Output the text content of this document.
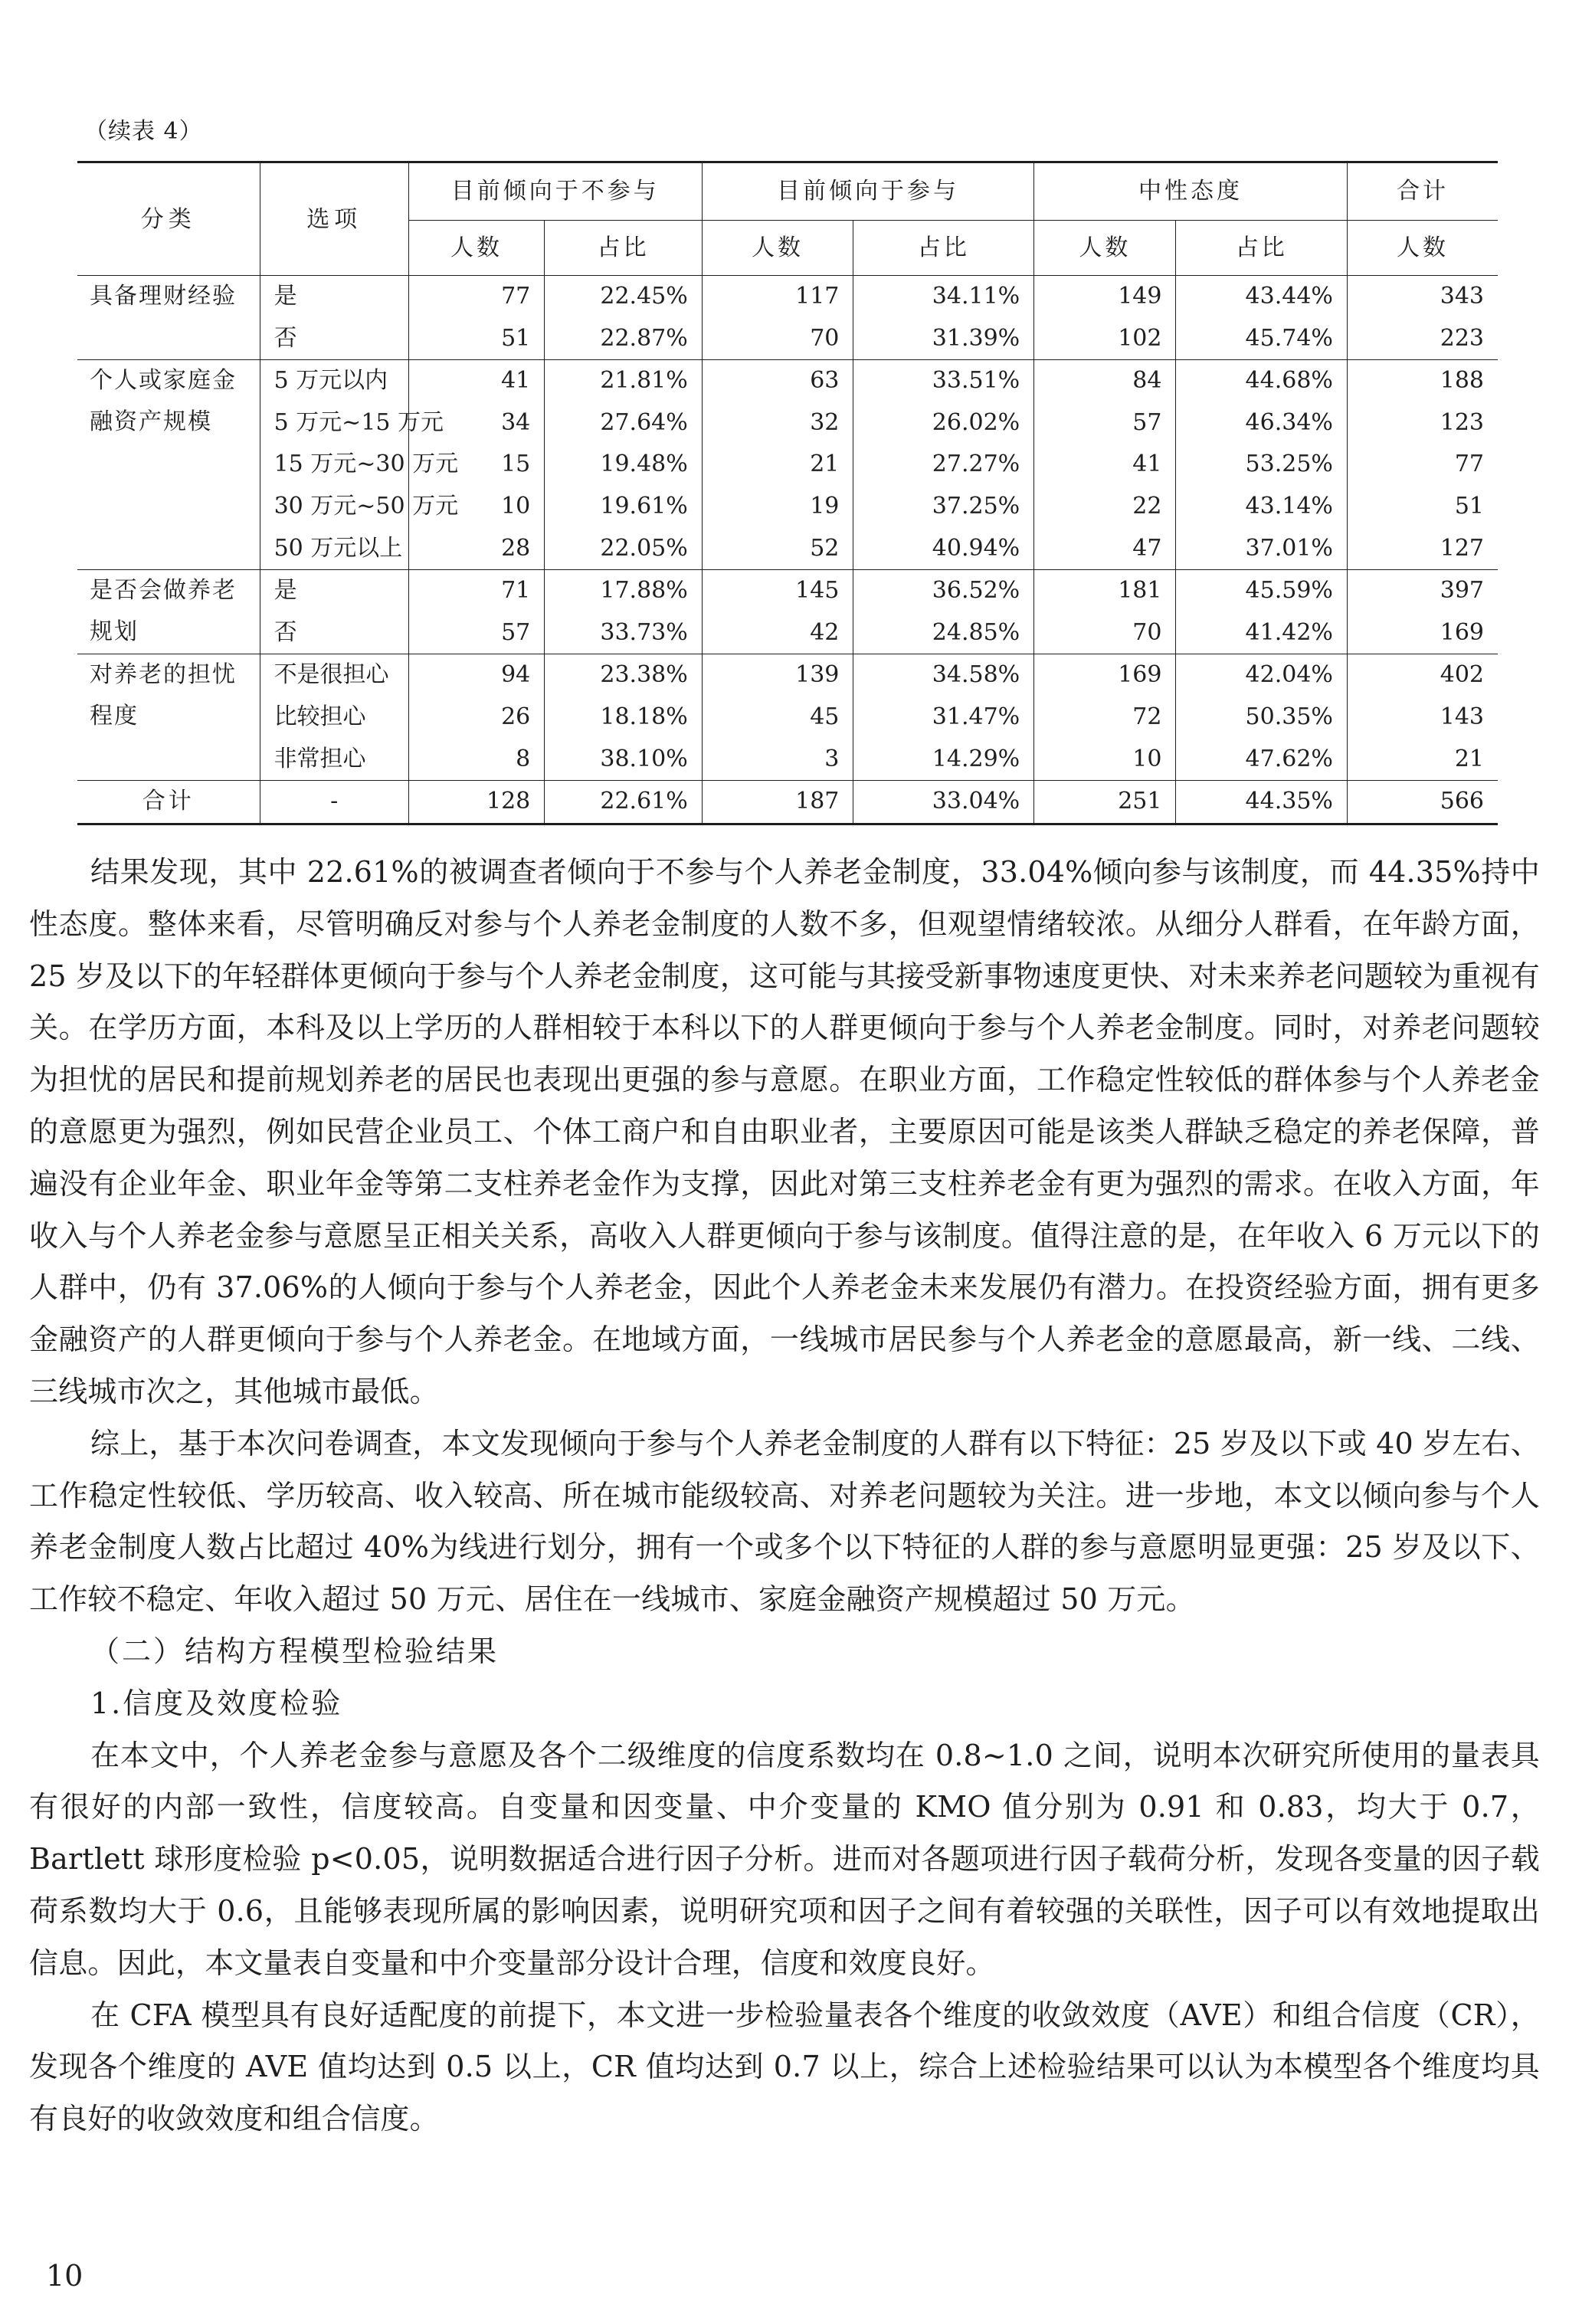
（续表 4）
分类	选项	目前倾向于不参与		目前倾向于参与		中性态度		合计
		人数	占比	人数	占比	人数	占比	人数
具备理财经验	是	77	22.45%	117	34.11%	149	43.44%	343
	否	51	22.87%	70	31.39%	102	45.74%	223
个人或家庭金融资产规模	5 万元以内	41	21.81%	63	33.51%	84	44.68%	188
	5 万元~15 万元	34	27.64%	32	26.02%	57	46.34%	123
	15 万元~30 万元	15	19.48%	21	27.27%	41	53.25%	77
	30 万元~50 万元	10	19.61%	19	37.25%	22	43.14%	51
	50 万元以上	28	22.05%	52	40.94%	47	37.01%	127
是否会做养老规划	是	71	17.88%	145	36.52%	181	45.59%	397
	否	57	33.73%	42	24.85%	70	41.42%	169
对养老的担忧程度	不是很担心	94	23.38%	139	34.58%	169	42.04%	402
	比较担心	26	18.18%	45	31.47%	72	50.35%	143
	非常担心	8	38.10%	3	14.29%	10	47.62%	21
合计	-	128	22.61%	187	33.04%	251	44.35%	566

结果发现，其中 22.61%的被调查者倾向于不参与个人养老金制度，33.04%倾向参与该制度，而 44.35%持中性态度。整体来看，尽管明确反对参与个人养老金制度的人数不多，但观望情绪较浓。从细分人群看，在年龄方面，25 岁及以下的年轻群体更倾向于参与个人养老金制度，这可能与其接受新事物速度更快、对未来养老问题较为重视有关。在学历方面，本科及以上学历的人群相较于本科以下的人群更倾向于参与个人养老金制度。同时，对养老问题较为担忧的居民和提前规划养老的居民也表现出更强的参与意愿。在职业方面，工作稳定性较低的群体参与个人养老金的意愿更为强烈，例如民营企业员工、个体工商户和自由职业者，主要原因可能是该类人群缺乏稳定的养老保障，普遍没有企业年金、职业年金等第二支柱养老金作为支撑，因此对第三支柱养老金有更为强烈的需求。在收入方面，年收入与个人养老金参与意愿呈正相关关系，高收入人群更倾向于参与该制度。值得注意的是，在年收入 6 万元以下的人群中，仍有 37.06%的人倾向于参与个人养老金，因此个人养老金未来发展仍有潜力。在投资经验方面，拥有更多金融资产的人群更倾向于参与个人养老金。在地域方面，一线城市居民参与个人养老金的意愿最高，新一线、二线、三线城市次之，其他城市最低。

综上，基于本次问卷调查，本文发现倾向于参与个人养老金制度的人群有以下特征：25 岁及以下或 40 岁左右、工作稳定性较低、学历较高、收入较高、所在城市能级较高、对养老问题较为关注。进一步地，本文以倾向参与个人养老金制度人数占比超过 40%为线进行划分，拥有一个或多个以下特征的人群的参与意愿明显更强：25 岁及以下、工作较不稳定、年收入超过 50 万元、居住在一线城市、家庭金融资产规模超过 50 万元。

（二）结构方程模型检验结果

1.信度及效度检验

在本文中，个人养老金参与意愿及各个二级维度的信度系数均在 0.8~1.0 之间，说明本次研究所使用的量表具有很好的内部一致性，信度较高。自变量和因变量、中介变量的 KMO 值分别为 0.91 和 0.83，均大于 0.7，Bartlett 球形度检验 p<0.05，说明数据适合进行因子分析。进而对各题项进行因子载荷分析，发现各变量的因子载荷系数均大于 0.6，且能够表现所属的影响因素，说明研究项和因子之间有着较强的关联性，因子可以有效地提取出信息。因此，本文量表自变量和中介变量部分设计合理，信度和效度良好。

在 CFA 模型具有良好适配度的前提下，本文进一步检验量表各个维度的收敛效度（AVE）和组合信度（CR），发现各个维度的 AVE 值均达到 0.5 以上，CR 值均达到 0.7 以上，综合上述检验结果可以认为本模型各个维度均具有良好的收敛效度和组合信度。

10
